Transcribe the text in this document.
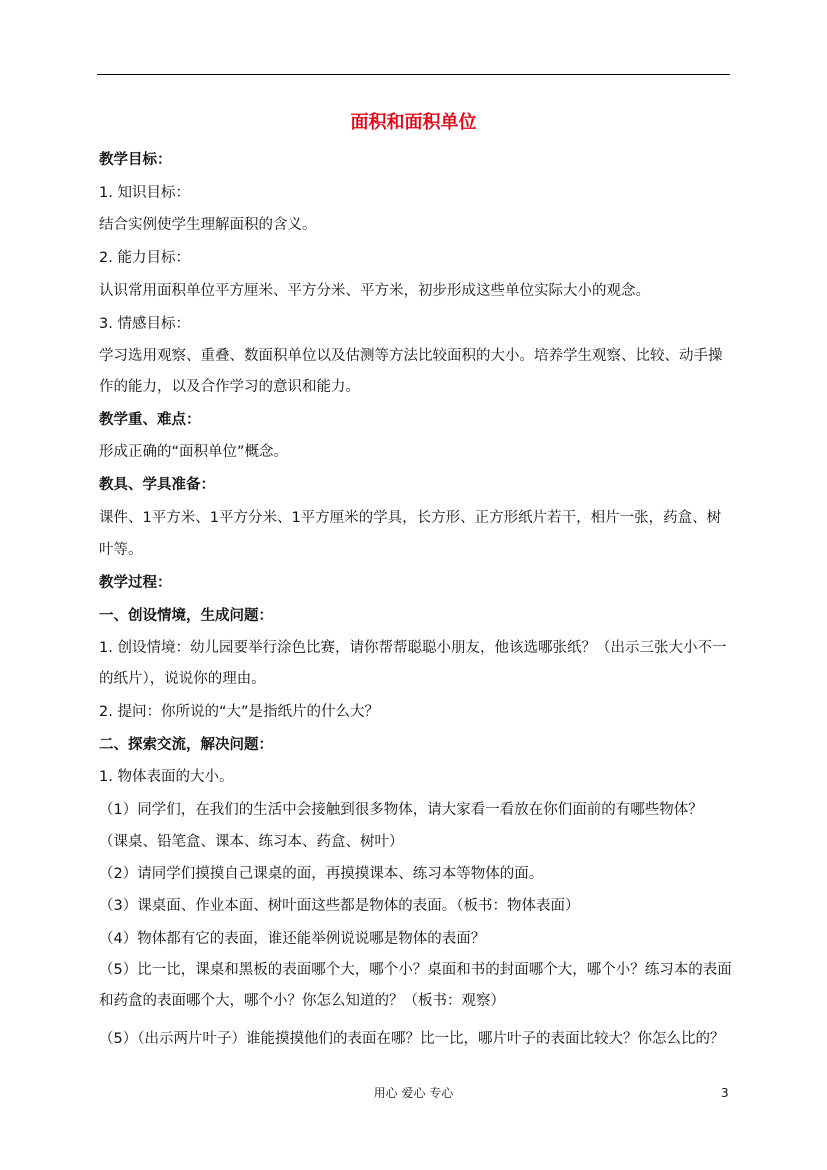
面积和面积单位
教学目标：
1. 知识目标：
结合实例使学生理解面积的含义。
2. 能力目标：
认识常用面积单位平方厘米、平方分米、平方米，初步形成这些单位实际大小的观念。
3. 情感目标：
学习选用观察、重叠、数面积单位以及估测等方法比较面积的大小。培养学生观察、比较、动手操
作的能力，以及合作学习的意识和能力。
教学重、难点：
形成正确的“面积单位”概念。
教具、学具准备：
课件、1平方米、1平方分米、1平方厘米的学具，长方形、正方形纸片若干，相片一张，药盒、树
叶等。
教学过程：
一、创设情境，生成问题：
1. 创设情境：幼儿园要举行涂色比赛，请你帮帮聪聪小朋友，他该选哪张纸？（出示三张大小不一
的纸片），说说你的理由。
2. 提问：你所说的“大”是指纸片的什么大？
二、探索交流，解决问题：
1. 物体表面的大小。
（1）同学们，在我们的生活中会接触到很多物体，请大家看一看放在你们面前的有哪些物体？
（课桌、铅笔盒、课本、练习本、药盒、树叶）
（2）请同学们摸摸自己课桌的面，再摸摸课本、练习本等物体的面。
（3）课桌面、作业本面、树叶面这些都是物体的表面。（板书：物体表面）
（4）物体都有它的表面，谁还能举例说说哪是物体的表面？
（5）比一比，课桌和黑板的表面哪个大，哪个小？桌面和书的封面哪个大，哪个小？练习本的表面
和药盒的表面哪个大，哪个小？你怎么知道的？（板书：观察）
（5）（出示两片叶子）谁能摸摸他们的表面在哪？比一比，哪片叶子的表面比较大？你怎么比的？
用心 爱心 专心	3
